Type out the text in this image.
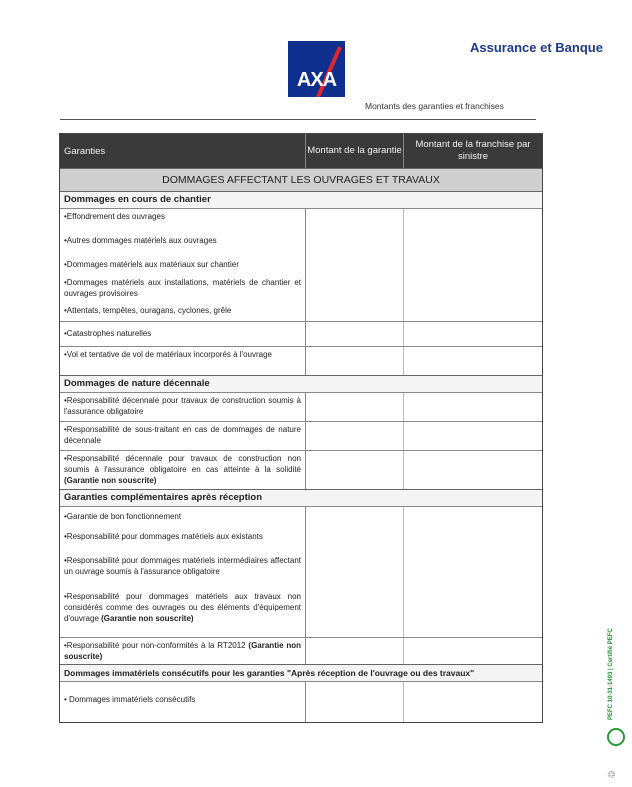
AXA
Assurance et Banque
Montants des garanties et franchises
Garanties	Montant de la garantie
Montant de la franchise par sinistre
DOMMAGES AFFECTANT LES OUVRAGES ET TRAVAUX
Dommages en cours de chantier
•Effondrement des ouvrages
•Autres dommages matériels aux ouvrages
•Dommages matériels aux matériaux sur chantier
•Dommages matériels aux installations, matériels de chantier et ouvrages provisoires
•Attentats, tempêtes, ouragans, cyclones, grêle
•Catastrophes naturelles
•Vol et tentative de vol de matériaux incorporés à l'ouvrage
Dommages de nature décennale
•Responsabilité décennale pour travaux de construction soumis à l'assurance obligatoire
•Responsabilité de sous-traitant en cas de dommages de nature décennale
•Responsabilité décennale pour travaux de construction non soumis à l'assurance obligatoire en cas atteinte à la solidité (Garantie non souscrite)
Garanties complémentaires après réception
•Garantie de bon fonctionnement
•Responsabilité pour dommages matériels aux existants
•Responsabilité pour dommages matériels intermédiaires affectant un ouvrage soumis à l'assurance obligatoire
•Responsabilité pour dommages matériels aux travaux non considérés comme des ouvrages ou des éléments d'équipement d'ouvrage (Garantie non souscrite)
•Responsabilité pour non-conformités à la RT2012 (Garantie non souscrite)
Dommages immatériels consécutifs pour les garanties "Après réception de l'ouvrage ou des travaux"
• Dommages immatériels consécutifs	PEFC 10-31-1493 | Certifié PEFC
♲
